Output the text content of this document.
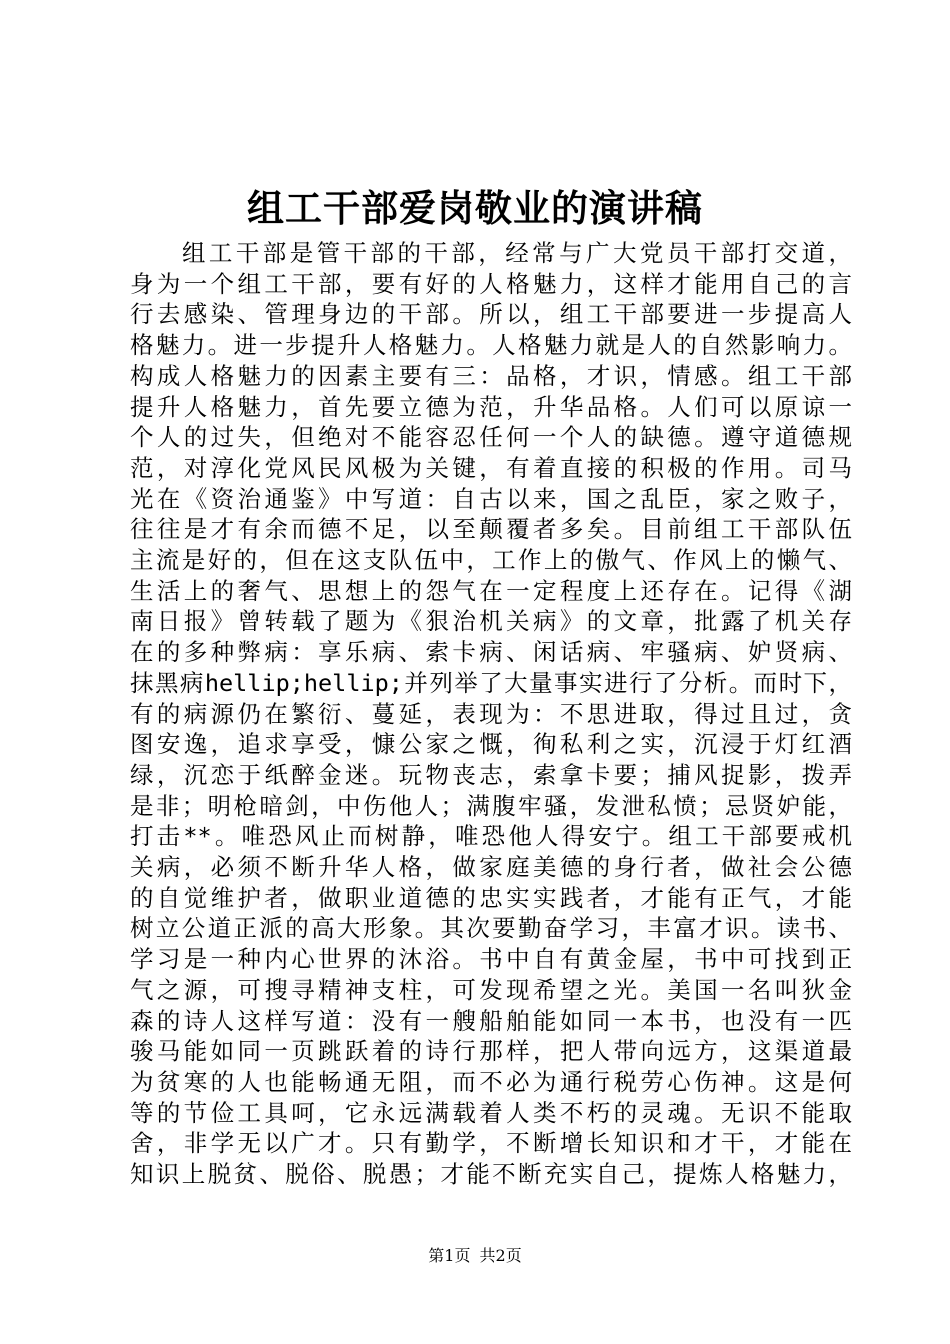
组工干部爱岗敬业的演讲稿
组工干部是管干部的干部，经常与广大党员干部打交道，
身为一个组工干部，要有好的人格魅力，这样才能用自己的言
行去感染、管理身边的干部。所以，组工干部要进一步提高人
格魅力。进一步提升人格魅力。人格魅力就是人的自然影响力。
构成人格魅力的因素主要有三：品格，才识，情感。组工干部
提升人格魅力，首先要立德为范，升华品格。人们可以原谅一
个人的过失，但绝对不能容忍任何一个人的缺德。遵守道德规
范，对淳化党风民风极为关键，有着直接的积极的作用。司马
光在《资治通鉴》中写道：自古以来，国之乱臣，家之败子，
往往是才有余而德不足，以至颠覆者多矣。目前组工干部队伍
主流是好的，但在这支队伍中，工作上的傲气、作风上的懒气、
生活上的奢气、思想上的怨气在一定程度上还存在。记得《湖
南日报》曾转载了题为《狠治机关病》的文章，批露了机关存
在的多种弊病：享乐病、索卡病、闲话病、牢骚病、妒贤病、
抹黑病hellip;hellip;并列举了大量事实进行了分析。而时下，
有的病源仍在繁衍、蔓延，表现为：不思进取，得过且过，贪
图安逸，追求享受，慷公家之慨，徇私利之实，沉浸于灯红酒
绿，沉恋于纸醉金迷。玩物丧志，索拿卡要；捕风捉影，拨弄
是非；明枪暗剑，中伤他人；满腹牢骚，发泄私愤；忌贤妒能，
打击**。唯恐风止而树静，唯恐他人得安宁。组工干部要戒机
关病，必须不断升华人格，做家庭美德的身行者，做社会公德
的自觉维护者，做职业道德的忠实实践者，才能有正气，才能
树立公道正派的高大形象。其次要勤奋学习，丰富才识。读书、
学习是一种内心世界的沐浴。书中自有黄金屋，书中可找到正
气之源，可搜寻精神支柱，可发现希望之光。美国一名叫狄金
森的诗人这样写道：没有一艘船舶能如同一本书，也没有一匹
骏马能如同一页跳跃着的诗行那样，把人带向远方，这渠道最
为贫寒的人也能畅通无阻，而不必为通行税劳心伤神。这是何
等的节俭工具呵，它永远满载着人类不朽的灵魂。无识不能取
舍，非学无以广才。只有勤学，不断增长知识和才干，才能在
知识上脱贫、脱俗、脱愚；才能不断充实自己，提炼人格魅力，
第1页 共2页
